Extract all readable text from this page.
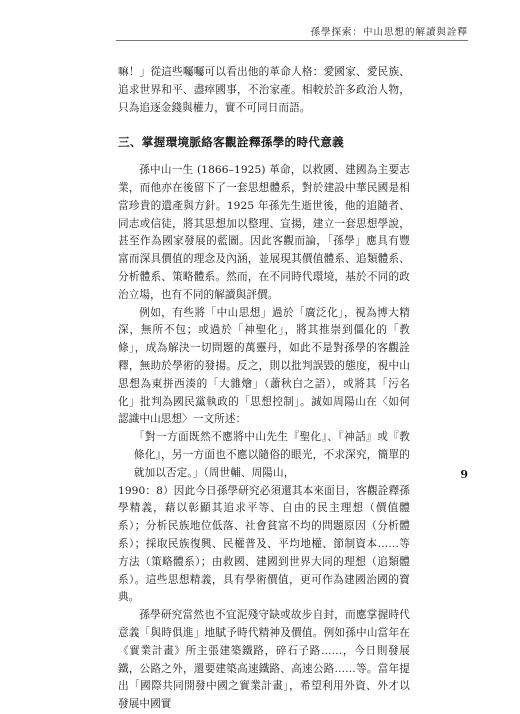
孫學探索：中山思想的解讀與詮釋

嘛！」從這些囑囑可以看出他的革命人格：愛國家、愛民族、追求世界和平、盡瘁國事，不治家產。相較於許多政治人物，只為追逐金錢與權力，實不可同日而語。

三、掌握環境脈絡客觀詮釋孫學的時代意義

孫中山一生 (1866–1925) 革命，以救國、建國為主要志業，而他亦在後留下了一套思想體系，對於建設中華民國是相當珍貴的遺產與方針。1925 年孫先生逝世後，他的追隨者、同志或信徒，將其思想加以整理、宣揚，建立一套思想學說，甚至作為國家發展的藍圖。因此客觀而論，「孫學」應具有豐富而深具價值的理念及內涵，並展現其價值體系、追類體系、分析體系、策略體系。然而，在不同時代環境，基於不同的政治立場，也有不同的解讀與評價。

例如，有些將「中山思想」過於「廣泛化」，視為博大精深，無所不包；或過於「神聖化」，將其推崇到僵化的「教條」，成為解決一切問題的萬靈丹，如此不是對孫學的客觀詮釋，無助於學術的發揚。反之，則以批判誤毀的態度，視中山思想為東拼西湊的「大雜燴」（蕭秋白之語），或將其「污名化」批判為國民黨執政的「思想控制」。誠如周陽山在〈如何認識中山思想〉一文所述：

「對一方面既然不應將中山先生『聖化』、『神話』或『教條化』，另一方面也不應以隨俗的眼光，不求深究，簡單的就加以否定。」（周世輔、周陽山，

1990：8）因此今日孫學研究必須還其本來面目，客觀詮釋孫學精義，藉以彰顯其追求平等、自由的民主理想（價值體系）；分析民族地位低落、社會貧富不均的問題原因（分析體系）；採取民族復興、民權普及、平均地權、節制資本……等方法（策略體系）；由救國、建國到世界大同的理想（追類體系）。這些思想精義，具有學術價值，更可作為建國治國的寶典。

孫學研究當然也不宜泥殘守缺或故步自封，而應掌握時代意義「與時俱進」地賦予時代精神及價值。例如孫中山當年在《實業計畫》所主張建築鐵路，碎石子路……，今日則發展鐵，公路之外，還要建築高速鐵路、高速公路……等。當年提出「國際共同開發中國之實業計畫」，希望利用外資、外才以發展中國實

9
